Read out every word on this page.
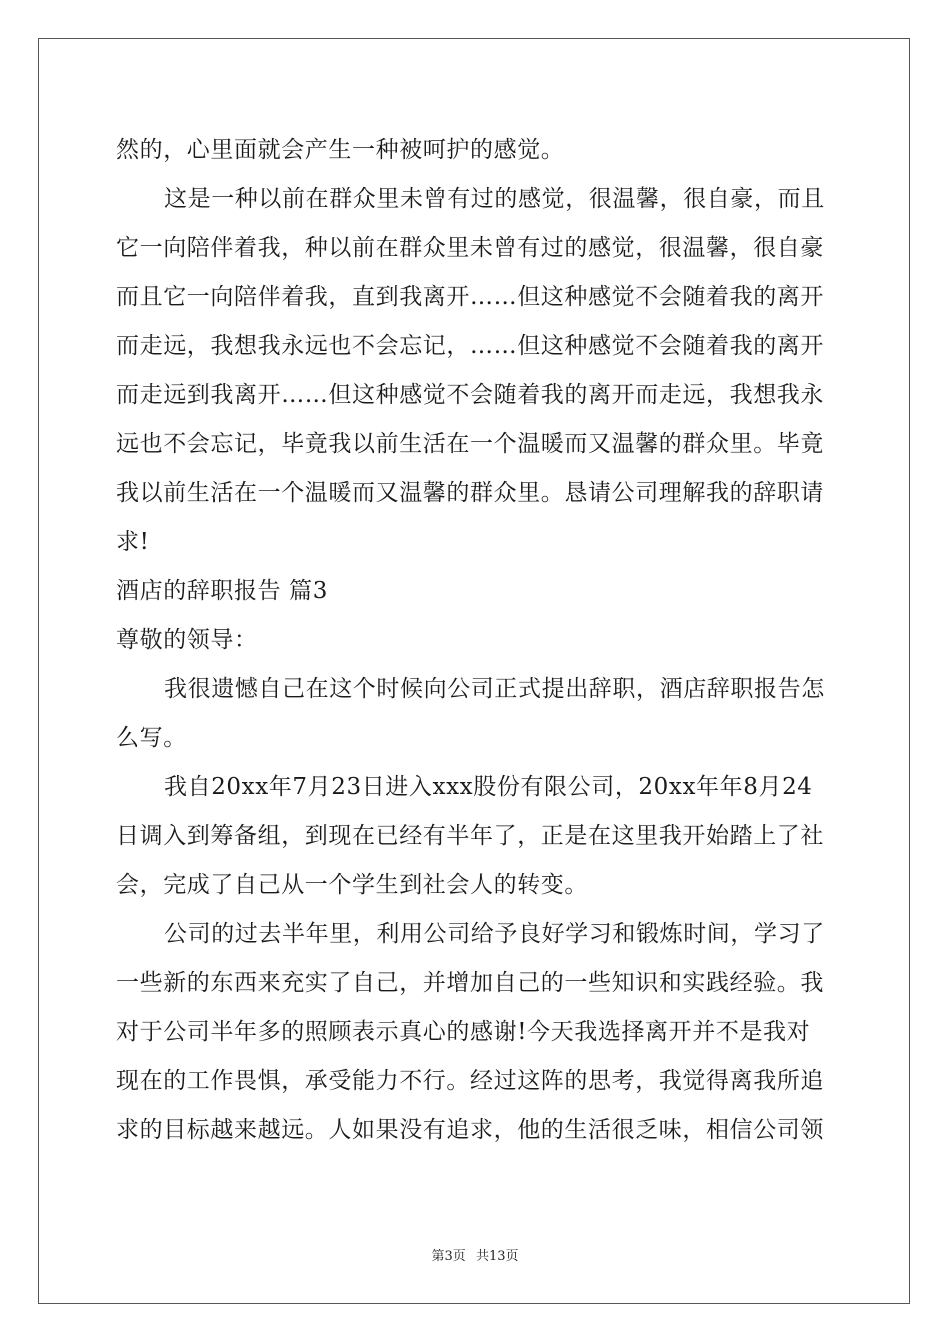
然的，心里面就会产生一种被呵护的感觉。
这是一种以前在群众里未曾有过的感觉，很温馨，很自豪，而且
它一向陪伴着我，种以前在群众里未曾有过的感觉，很温馨，很自豪
而且它一向陪伴着我，直到我离开……但这种感觉不会随着我的离开
而走远，我想我永远也不会忘记，……但这种感觉不会随着我的离开
而走远到我离开……但这种感觉不会随着我的离开而走远，我想我永
远也不会忘记，毕竟我以前生活在一个温暖而又温馨的群众里。毕竟
我以前生活在一个温暖而又温馨的群众里。恳请公司理解我的辞职请
求!
酒店的辞职报告 篇3
尊敬的领导：
我很遗憾自己在这个时候向公司正式提出辞职，酒店辞职报告怎
么写。
我自20xx年7月23日进入xxx股份有限公司，20xx年年8月24
日调入到筹备组，到现在已经有半年了，正是在这里我开始踏上了社
会，完成了自己从一个学生到社会人的转变。
公司的过去半年里，利用公司给予良好学习和锻炼时间，学习了
一些新的东西来充实了自己，并增加自己的一些知识和实践经验。我
对于公司半年多的照顾表示真心的感谢!今天我选择离开并不是我对
现在的工作畏惧，承受能力不行。经过这阵的思考，我觉得离我所追
求的目标越来越远。人如果没有追求，他的生活很乏味，相信公司领
第3页 共13页
